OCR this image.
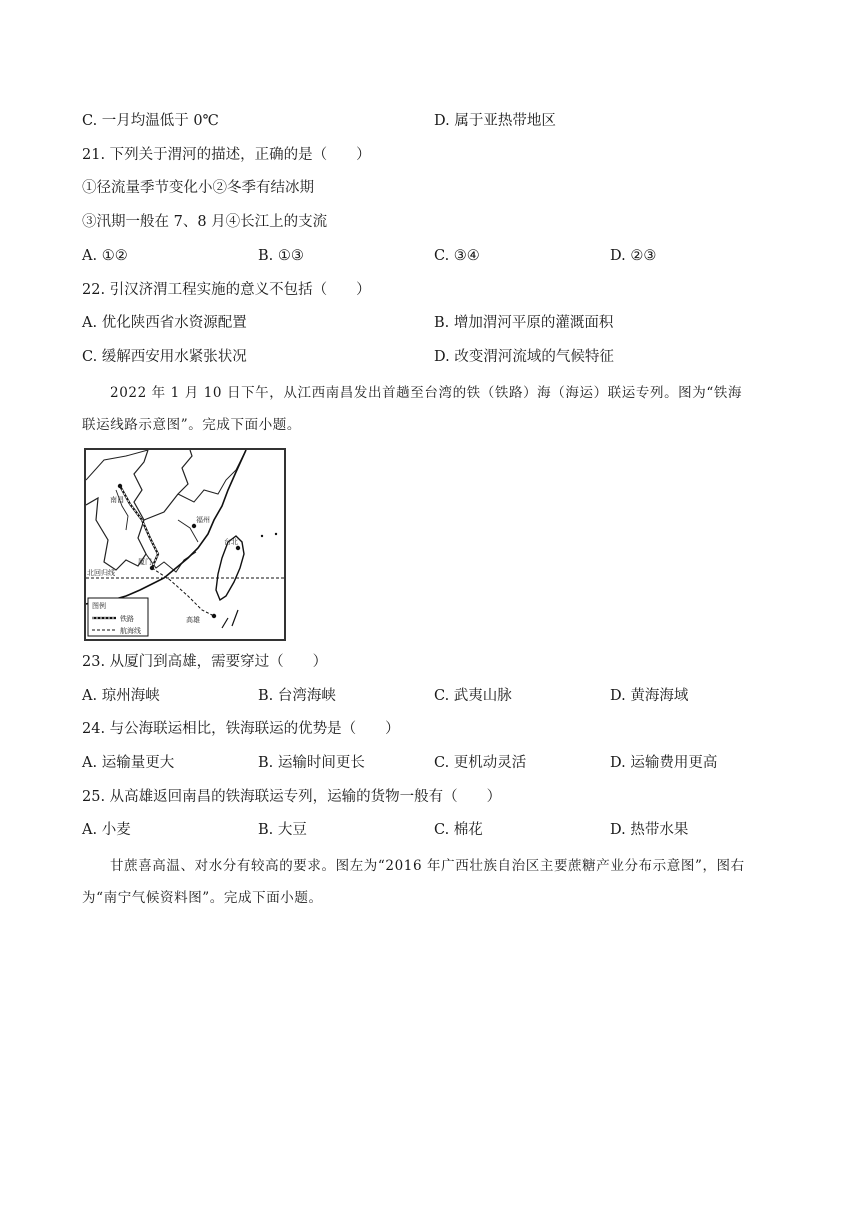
C. 一月均温低于 0℃	D. 属于亚热带地区
21. 下列关于渭河的描述，正确的是（　　）
①径流量季节变化小②冬季有结冰期
③汛期一般在 7、8 月④长江上的支流
A. ①②	B. ①③	C. ③④	D. ②③
22. 引汉济渭工程实施的意义不包括（　　）
A. 优化陕西省水资源配置	B. 增加渭河平原的灌溉面积
C. 缓解西安用水紧张状况	D. 改变渭河流域的气候特征
2022 年 1 月 10 日下午，从江西南昌发出首趟至台湾的铁（铁路）海（海运）联运专列。图为“铁海
联运线路示意图”。完成下面小题。
南昌
福州
厦门
台北
高雄
北回归线
图例
铁路
航海线
23. 从厦门到高雄，需要穿过（　　）
A. 琼州海峡	B. 台湾海峡	C. 武夷山脉	D. 黄海海域
24. 与公海联运相比，铁海联运的优势是（　　）
A. 运输量更大	B. 运输时间更长	C. 更机动灵活	D. 运输费用更高
25. 从高雄返回南昌的铁海联运专列，运输的货物一般有（　　）
A. 小麦	B. 大豆	C. 棉花	D. 热带水果
甘蔗喜高温、对水分有较高的要求。图左为“2016 年广西壮族自治区主要蔗糖产业分布示意图”，图右
为“南宁气候资料图”。完成下面小题。
